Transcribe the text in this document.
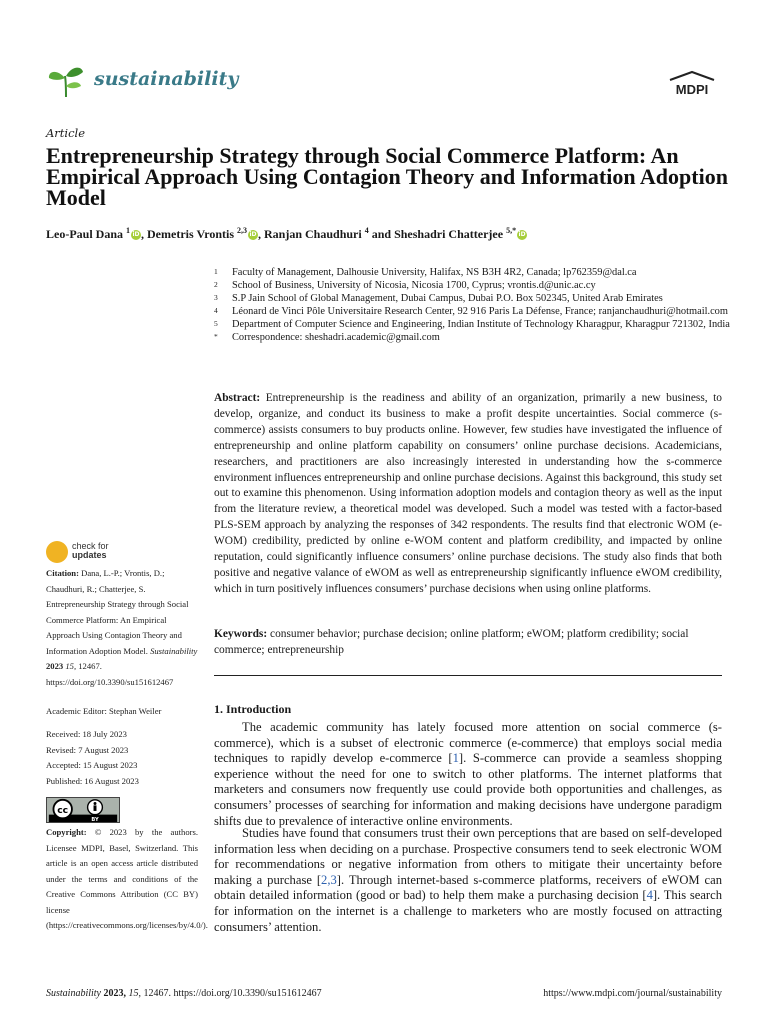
sustainability	MDPI
Article
Entrepreneurship Strategy through Social Commerce Platform: An Empirical Approach Using Contagion Theory and Information Adoption Model
Leo-Paul Dana $^1$ iD, Demetris Vrontis $^{2,3}$ iD, Ranjan Chaudhuri $^4$ and Sheshadri Chatterjee $^{5,*}$ iD
1	Faculty of Management, Dalhousie University, Halifax, NS B3H 4R2, Canada; lp762359@dal.ca
2	School of Business, University of Nicosia, Nicosia 1700, Cyprus; vrontis.d@unic.ac.cy
3	S.P Jain School of Global Management, Dubai Campus, Dubai P.O. Box 502345, United Arab Emirates
4	Léonard de Vinci Pôle Universitaire Research Center, 92 916 Paris La Défense, France; ranjanchaudhuri@hotmail.com
5	Department of Computer Science and Engineering, Indian Institute of Technology Kharagpur, Kharagpur 721302, India
*	Correspondence: sheshadri.academic@gmail.com
Abstract: Entrepreneurship is the readiness and ability of an organization, primarily a new business, to develop, organize, and conduct its business to make a profit despite uncertainties. Social commerce (s-commerce) assists consumers to buy products online. However, few studies have investigated the influence of entrepreneurship and online platform capability on consumers’ online purchase decisions. Academicians, researchers, and practitioners are also increasingly interested in understanding how the s-commerce environment influences entrepreneurship and online purchase decisions. Against this background, this study set out to examine this phenomenon. Using information adoption models and contagion theory as well as the input from the literature review, a theoretical model was developed. Such a model was tested with a factor-based PLS-SEM approach by analyzing the responses of 342 respondents. The results find that electronic WOM (e-WOM) credibility, predicted by online e-WOM content and platform credibility, and impacted by online reputation, could significantly influence consumers’ online purchase decisions. The study also finds that both positive and negative valance of eWOM as well as entrepreneurship significantly influence eWOM credibility, which in turn positively influences consumers’ purchase decisions when using online platforms.
Keywords: consumer behavior; purchase decision; online platform; eWOM; platform credibility; social commerce; entrepreneurship
check for
updates
Citation: Dana, L.-P.; Vrontis, D.; Chaudhuri, R.; Chatterjee, S. Entrepreneurship Strategy through Social Commerce Platform: An Empirical Approach Using Contagion Theory and Information Adoption Model. Sustainability 2023 15, 12467. https://doi.org/10.3390/su151612467
Academic Editor: Stephan Weiler
Received: 18 July 2023
Revised: 7 August 2023
Accepted: 15 August 2023
Published: 16 August 2023
cc
BY
Copyright: © 2023 by the authors. Licensee MDPI, Basel, Switzerland. This article is an open access article distributed under the terms and conditions of the Creative Commons Attribution (CC BY) license (https://creativecommons.org/licenses/by/4.0/).
1. Introduction
The academic community has lately focused more attention on social commerce (s-commerce), which is a subset of electronic commerce (e-commerce) that employs social media techniques to rapidly develop e-commerce [1]. S-commerce can provide a seamless shopping experience without the need for one to switch to other platforms. The internet platforms that marketers and consumers now frequently use could provide both opportunities and challenges, as consumers’ processes of searching for information and making decisions have undergone paradigm shifts due to prevalence of interactive online environments.
Studies have found that consumers trust their own perceptions that are based on self-developed information less when deciding on a purchase. Prospective consumers tend to seek electronic WOM for recommendations or negative information from others to mitigate their uncertainty before making a purchase [2,3]. Through internet-based s-commerce platforms, receivers of eWOM can obtain detailed information (good or bad) to help them make a purchasing decision [4]. This search for information on the internet is a challenge to marketers who are mostly focused on attracting consumers’ attention.
Sustainability 2023, 15, 12467. https://doi.org/10.3390/su151612467	https://www.mdpi.com/journal/sustainability
